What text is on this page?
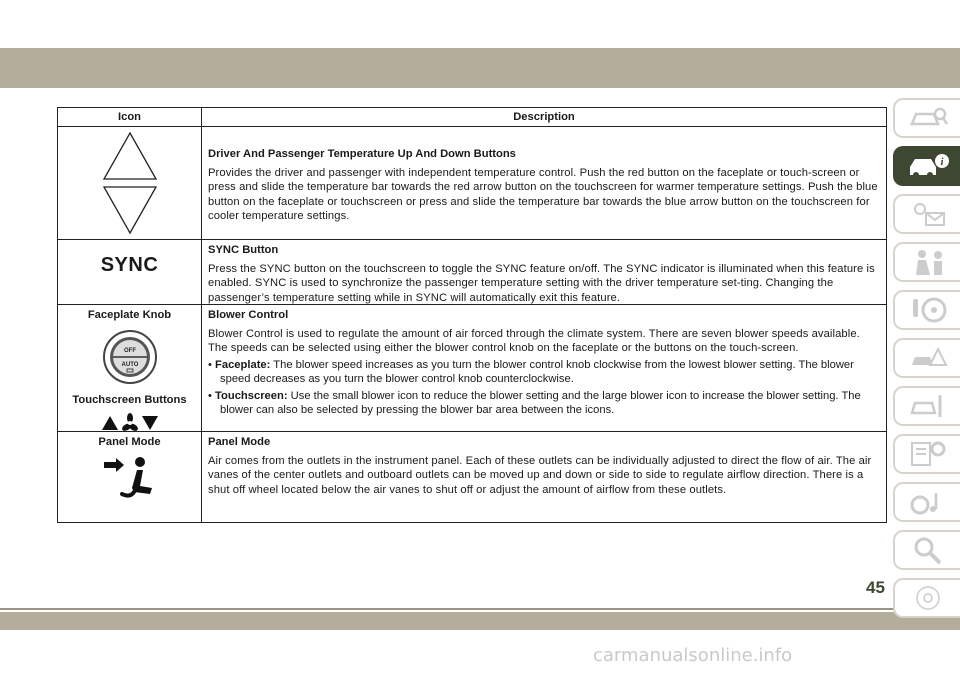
Icon	Description

Driver And Passenger Temperature Up And Down Buttons

Provides the driver and passenger with independent temperature control. Push the red button on the faceplate or touch-screen or press and slide the temperature bar towards the red arrow button on the touchscreen for warmer temperature settings. Push the blue button on the faceplate or touchscreen or press and slide the temperature bar towards the blue arrow button on the touchscreen for cooler temperature settings.

SYNC

SYNC Button

Press the SYNC button on the touchscreen to toggle the SYNC feature on/off. The SYNC indicator is illuminated when this feature is enabled. SYNC is used to synchronize the passenger temperature setting with the driver temperature set-ting. Changing the passenger’s temperature setting while in SYNC will automatically exit this feature.

Faceplate Knob
OFF
AUTO
Touchscreen Buttons

Blower Control

Blower Control is used to regulate the amount of air forced through the climate system. There are seven blower speeds available. The speeds can be selected using either the blower control knob on the faceplate or the buttons on the touch-screen.

• Faceplate: The blower speed increases as you turn the blower control knob clockwise from the lowest blower setting. The blower speed decreases as you turn the blower control knob counterclockwise.

• Touchscreen: Use the small blower icon to reduce the blower setting and the large blower icon to increase the blower setting. The blower can also be selected by pressing the blower bar area between the icons.

Panel Mode	Panel Mode

Air comes from the outlets in the instrument panel. Each of these outlets can be individually adjusted to direct the flow of air. The air vanes of the center outlets and outboard outlets can be moved up and down or side to side to regulate airflow direction. There is a shut off wheel located below the air vanes to shut off or adjust the amount of airflow from these outlets.

i
45
carmanualsonline.info
